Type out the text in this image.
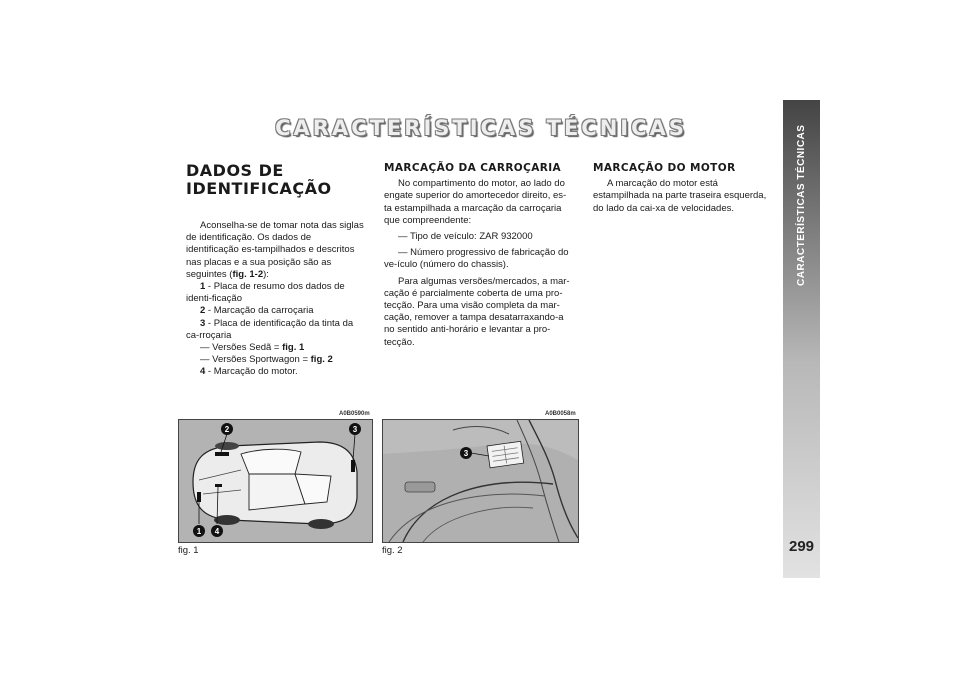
CARACTERÍSTICAS TÉCNICAS
299
CARACTERÍSTICAS TÉCNICAS
DADOS DE
IDENTIFICAÇÃO

Aconselha-se de tomar nota das siglas de identificação. Os dados de identificação es-tampilhados e descritos nas placas e a sua posição são as seguintes (fig. 1-2):

1 - Placa de resumo dos dados de identi-ficação

2 - Marcação da carroçaria

3 - Placa de identificação da tinta da ca-rroçaria

— Versões Sedã = fig. 1

— Versões Sportwagon = fig. 2

4 - Marcação do motor.

MARCAÇÃO DA CARROÇARIA

No compartimento do motor, ao lado do engate superior do amortecedor direito, es-ta estampilhada a marcação da carroçaria que compreendente:

— Tipo de veículo: ZAR 932000

— Número progressivo de fabricação do ve-ículo (número do chassis).

Para algumas versões/mercados, a mar-cação é parcialmente coberta de uma pro-tecção. Para uma visão completa da mar-cação, remover a tampa desatarraxando-a no sentido anti-horário e levantar a pro-tecção.

MARCAÇÃO DO MOTOR

A marcação do motor está estampilhada na parte traseira esquerda, do lado da cai-xa de velocidades.

A0B0590m
2	3
1 4
fig. 1
A0B0058m
3
fig. 2
